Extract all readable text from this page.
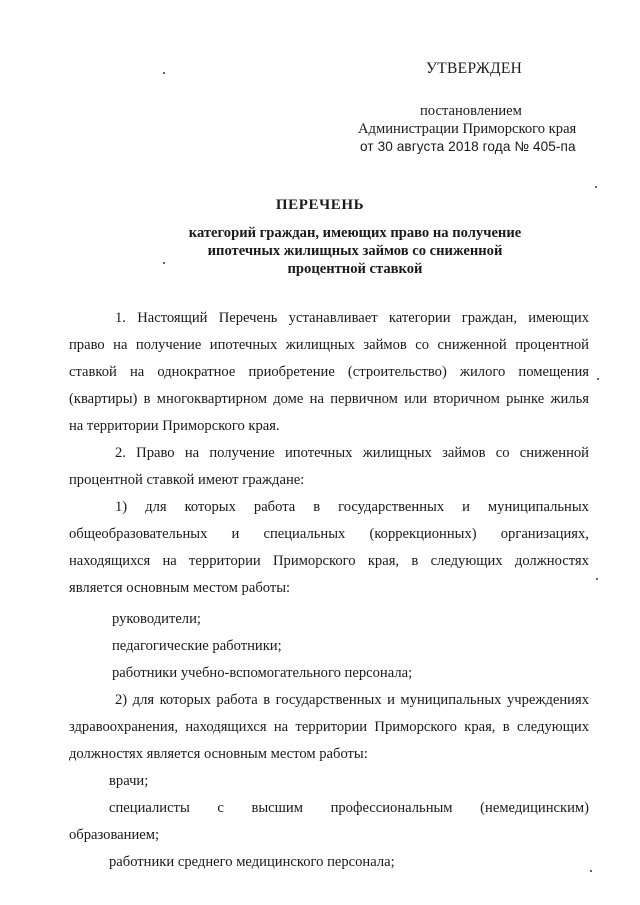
УТВЕРЖДЕН
постановлением
Администрации Приморского края
от 30 августа 2018 года № 405-па
ПЕРЕЧЕНЬ
категорий граждан, имеющих право на получение
ипотечных жилищных займов со сниженной
процентной ставкой
1. Настоящий Перечень устанавливает категории граждан, имеющих
право на получение ипотечных жилищных займов со сниженной процентной
ставкой на однократное приобретение (строительство) жилого помещения
(квартиры) в многоквартирном доме на первичном или вторичном рынке жилья
на территории Приморского края.
2. Право на получение ипотечных жилищных займов со сниженной
процентной ставкой имеют граждане:
1) для которых работа в государственных и муниципальных
общеобразовательных и специальных (коррекционных) организациях,
находящихся на территории Приморского края, в следующих должностях
является основным местом работы:
руководители;
педагогические работники;
работники учебно-вспомогательного персонала;
2) для которых работа в государственных и муниципальных учреждениях
здравоохранения, находящихся на территории Приморского края, в следующих
должностях является основным местом работы:
врачи;
специалисты с высшим профессиональным (немедицинским)
образованием;
работники среднего медицинского персонала;
